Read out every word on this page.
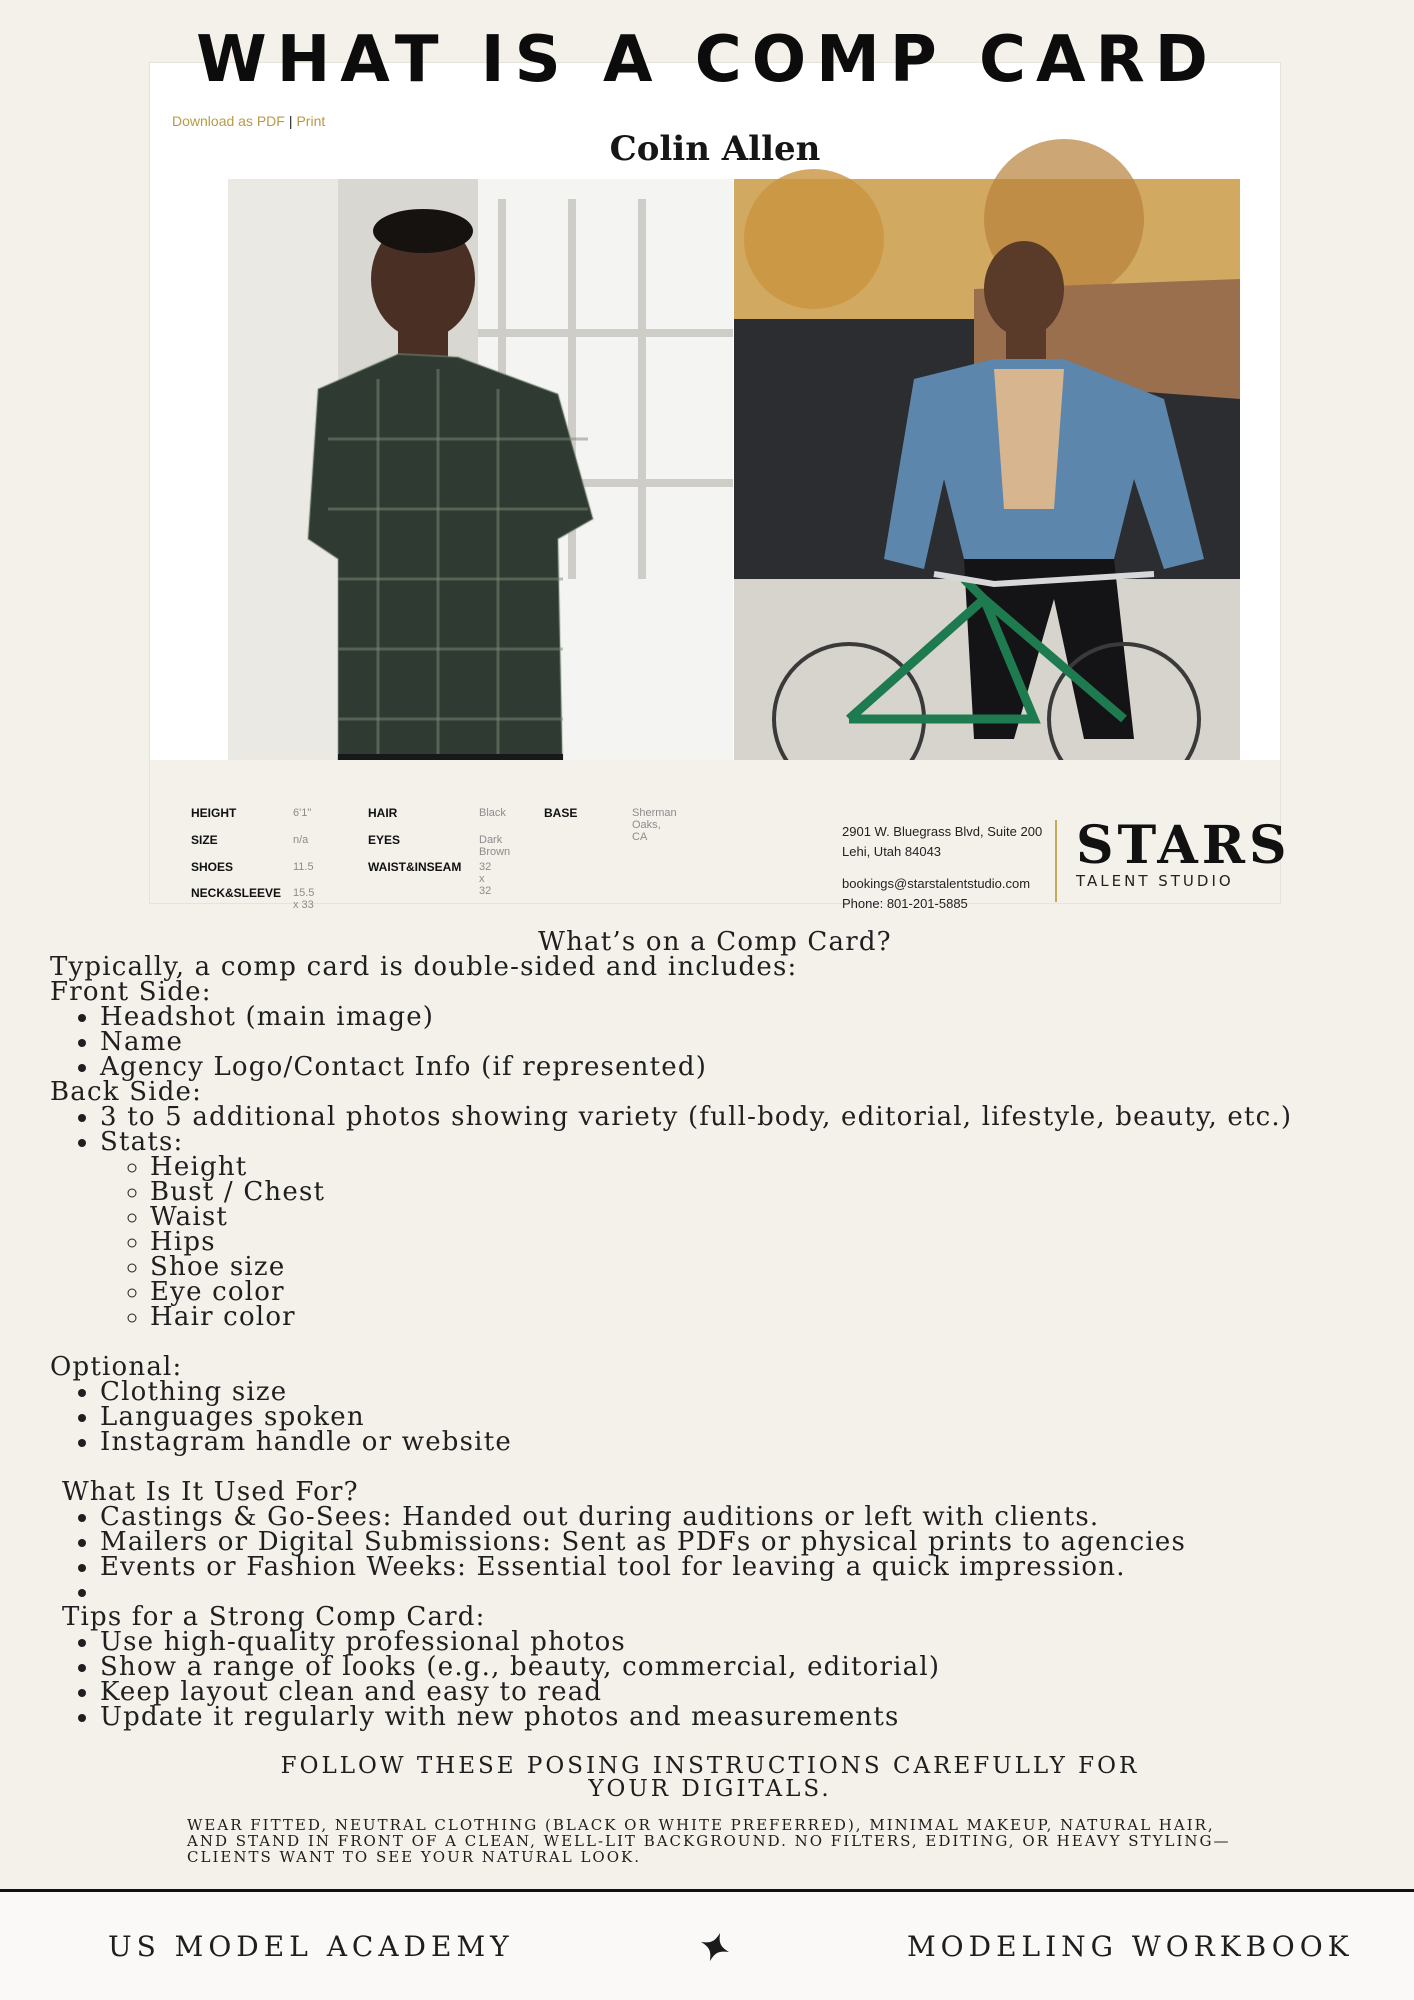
WHAT IS A COMP CARD
Download as PDF | Print
Colin Allen
HEIGHT	6'1"
SIZE	n/a
SHOES	11.5
NECK&SLEEVE 15.5 x 33
HAIR	Black
EYES	Dark Brown
WAIST&INSEAM 32 x 32
BASE	Sherman Oaks, CA	2901 W. Bluegrass Blvd, Suite 200
Lehi, Utah 84043
bookings@starstalentstudio.com
Phone: 801-201-5885
STARS
TALENT STUDIO

What’s on a Comp Card?

Typically, a comp card is double-sided and includes:

Front Side:

• Headshot (main image)
• Name
• Agency Logo/Contact Info (if represented)

Back Side:

• 3 to 5 additional photos showing variety (full-body, editorial, lifestyle, beauty, etc.)
• Stats:
◦ Height
◦ Bust / Chest
◦ Waist
◦ Hips
◦ Shoe size
◦ Eye color
◦ Hair color

Optional:

• Clothing size
• Languages spoken
• Instagram handle or website

What Is It Used For?

• Castings & Go-Sees: Handed out during auditions or left with clients.
• Mailers or Digital Submissions: Sent as PDFs or physical prints to agencies
• Events or Fashion Weeks: Essential tool for leaving a quick impression.
•

Tips for a Strong Comp Card:

• Use high-quality professional photos
• Show a range of looks (e.g., beauty, commercial, editorial)
• Keep layout clean and easy to read
• Update it regularly with new photos and measurements
FOLLOW THESE POSING INSTRUCTIONS CAREFULLY FOR YOUR DIGITALS.
WEAR FITTED, NEUTRAL CLOTHING (BLACK OR WHITE PREFERRED), MINIMAL MAKEUP, NATURAL HAIR, AND STAND IN FRONT OF A CLEAN, WELL-LIT BACKGROUND. NO FILTERS, EDITING, OR HEAVY STYLING—CLIENTS WANT TO SEE YOUR NATURAL LOOK.
US MODEL ACADEMY	MODELING WORKBOOK
